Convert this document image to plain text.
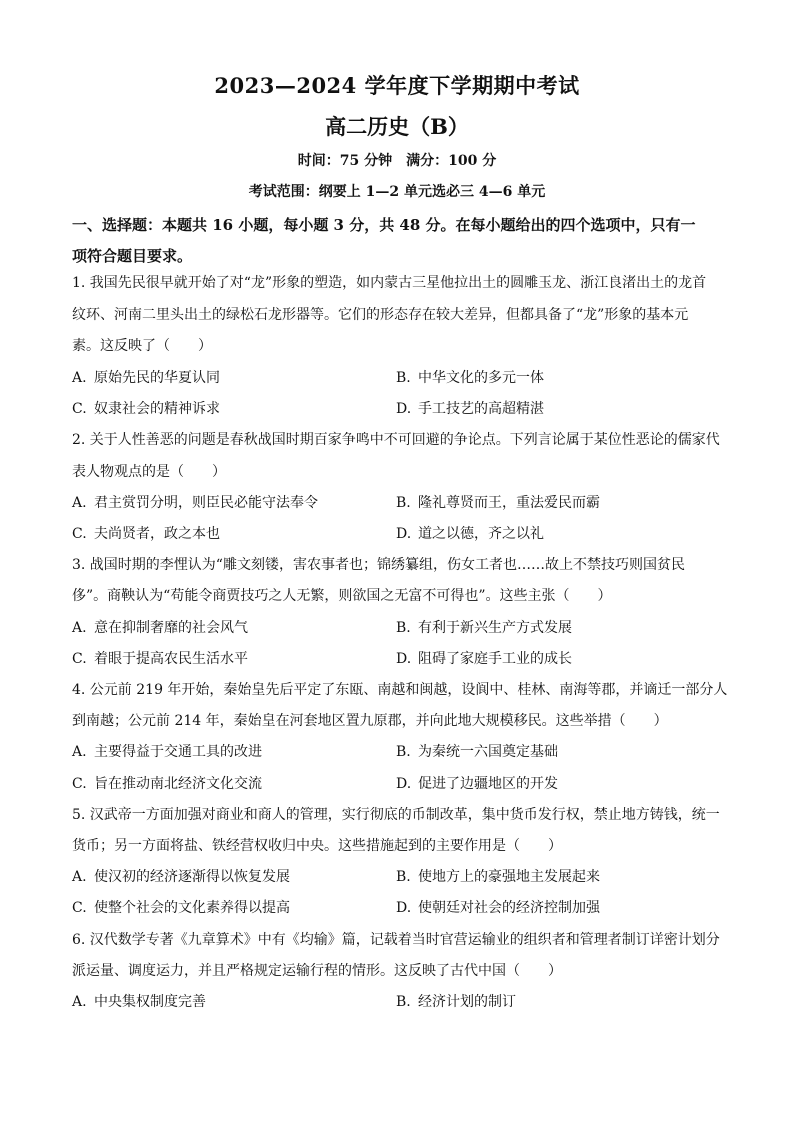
2023—2024 学年度下学期期中考试
高二历史（B）
时间：75 分钟 满分：100 分
考试范围：纲要上 1—2 单元选必三 4—6 单元
一、选择题：本题共 16 小题，每小题 3 分，共 48 分。在每小题给出的四个选项中，只有一
项符合题目要求。
1. 我国先民很早就开始了对“龙”形象的塑造，如内蒙古三星他拉出土的圆雕玉龙、浙江良渚出土的龙首
纹环、河南二里头出土的绿松石龙形器等。它们的形态存在较大差异，但都具备了“龙”形象的基本元
素。这反映了（　　）
A. 原始先民的华夏认同	B. 中华文化的多元一体
C. 奴隶社会的精神诉求	D. 手工技艺的高超精湛
2. 关于人性善恶的问题是春秋战国时期百家争鸣中不可回避的争论点。下列言论属于某位性恶论的儒家代
表人物观点的是（　　）
A. 君主赏罚分明，则臣民必能守法奉令	B. 隆礼尊贤而王，重法爱民而霸
C. 夫尚贤者，政之本也	D. 道之以德，齐之以礼
3. 战国时期的李悝认为“雕文刻镂，害农事者也；锦绣纂组，伤女工者也……故上不禁技巧则国贫民
侈”。商鞅认为“苟能令商贾技巧之人无繁，则欲国之无富不可得也”。这些主张（　　）
A. 意在抑制奢靡的社会风气	B. 有利于新兴生产方式发展
C. 着眼于提高农民生活水平	D. 阻碍了家庭手工业的成长
4. 公元前 219 年开始，秦始皇先后平定了东瓯、南越和闽越，设阆中、桂林、南海等郡，并谪迁一部分人
到南越；公元前 214 年，秦始皇在河套地区置九原郡，并向此地大规模移民。这些举措（　　）
A. 主要得益于交通工具的改进	B. 为秦统一六国奠定基础
C. 旨在推动南北经济文化交流	D. 促进了边疆地区的开发
5. 汉武帝一方面加强对商业和商人的管理，实行彻底的币制改革，集中货币发行权，禁止地方铸钱，统一
货币；另一方面将盐、铁经营权收归中央。这些措施起到的主要作用是（　　）
A. 使汉初的经济逐渐得以恢复发展	B. 使地方上的豪强地主发展起来
C. 使整个社会的文化素养得以提高	D. 使朝廷对社会的经济控制加强
6. 汉代数学专著《九章算术》中有《均输》篇，记载着当时官营运输业的组织者和管理者制订详密计划分
派运量、调度运力，并且严格规定运输行程的情形。这反映了古代中国（　　）
A. 中央集权制度完善	B. 经济计划的制订
